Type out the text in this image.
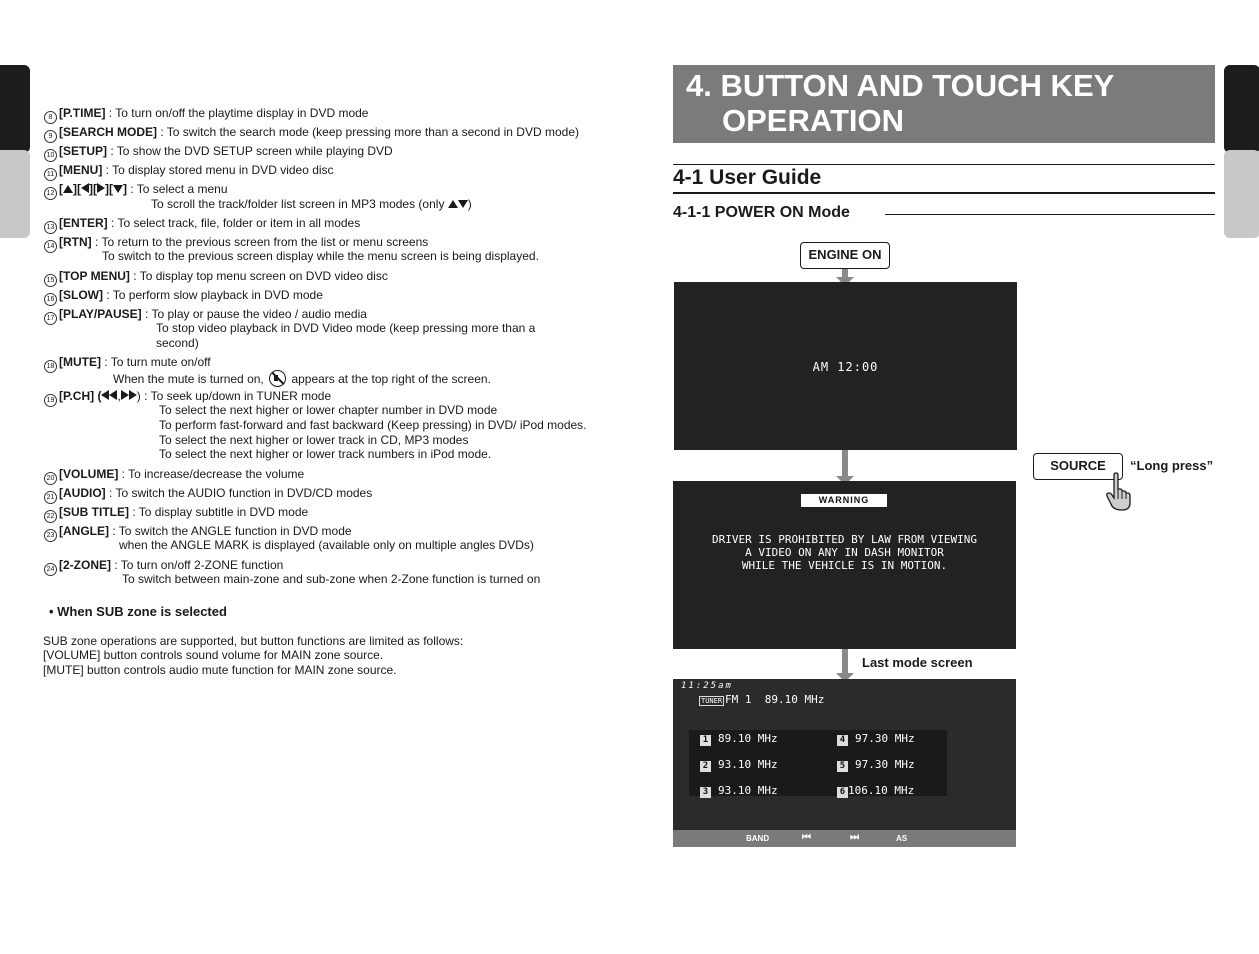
8 [P.TIME] : To turn on/off the playtime display in DVD mode
9 [SEARCH MODE] : To switch the search mode (keep pressing more than a second in DVD mode)
10 [SETUP] : To show the DVD SETUP screen while playing DVD
11 [MENU] : To display stored menu in DVD video disc
12 [ ][ ][ ][ ] : To select a menu
To scroll the track/folder list screen in MP3 modes (only )
13 [ENTER] : To select track, file, folder or item in all modes
14 [RTN] : To return to the previous screen from the list or menu screens
To switch to the previous screen display while the menu screen is being displayed.
15 [TOP MENU] : To display top menu screen on DVD video disc
16 [SLOW] : To perform slow playback in DVD mode
17 [PLAY/PAUSE] : To play or pause the video / audio media
To stop video playback in DVD Video mode (keep pressing more than a
second)
18 [MUTE] : To turn mute on/off
When the mute is turned on, appears at the top right of the screen.
19 [P.CH] ( , ) : To seek up/down in TUNER mode
To select the next higher or lower chapter number in DVD mode
To perform fast-forward and fast backward (Keep pressing) in DVD/ iPod modes.
To select the next higher or lower track in CD, MP3 modes
To select the next higher or lower track numbers in iPod mode.
20 [VOLUME] : To increase/decrease the volume
21 [AUDIO] : To switch the AUDIO function in DVD/CD modes
22 [SUB TITLE] : To display subtitle in DVD mode
23 [ANGLE] : To switch the ANGLE function in DVD mode
when the ANGLE MARK is displayed (available only on multiple angles DVDs)
24 [2-ZONE] : To turn on/off 2-ZONE function
To switch between main-zone and sub-zone when 2-Zone function is turned on
• When SUB zone is selected
SUB zone operations are supported, but button functions are limited as follows:
[VOLUME] button controls sound volume for MAIN zone source.
[MUTE] button controls audio mute function for MAIN zone source.
4. BUTTON AND TOUCH KEY
OPERATION
4-1 User Guide
4-1-1 POWER ON Mode
ENGINE ON
AM 12:00
WARNING
DRIVER IS PROHIBITED BY LAW FROM VIEWING
A VIDEO ON ANY IN DASH MONITOR
WHILE THE VEHICLE IS IN MOTION.
SOURCE	“Long press”
Last mode screen
11:25am
TUNER FM 1  89.10 MHz
1 89.10 MHz
2 93.10 MHz
3 93.10 MHz
4 97.30 MHz
5 97.30 MHz
6 106.10 MHz
BAND	⏮	⏭	AS
